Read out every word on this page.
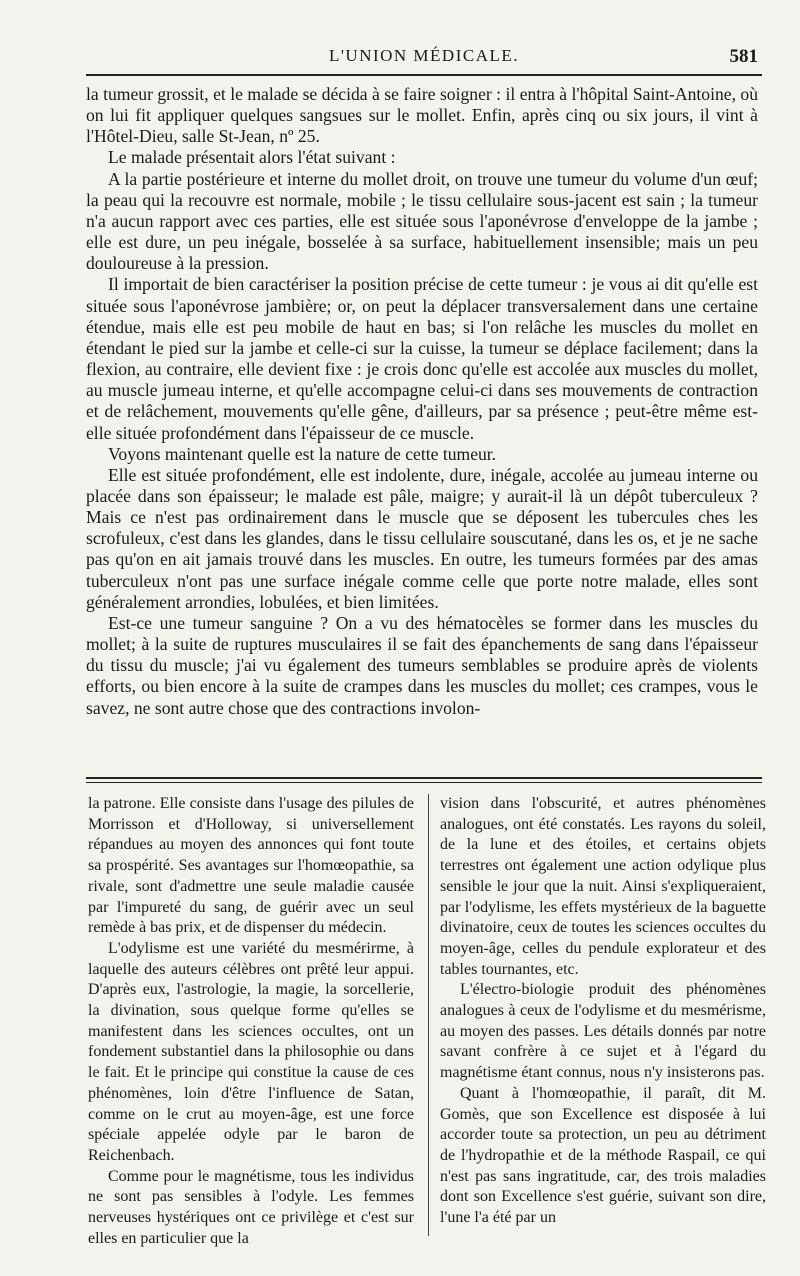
L'UNION MÉDICALE.	581

la tumeur grossit, et le malade se décida à se faire soigner : il entra à l'hôpital Saint-Antoine, où on lui fit appliquer quelques sangsues sur le mollet. Enfin, après cinq ou six jours, il vint à l'Hôtel-Dieu, salle St-Jean, nº 25.

Le malade présentait alors l'état suivant :

A la partie postérieure et interne du mollet droit, on trouve une tumeur du volume d'un œuf; la peau qui la recouvre est normale, mobile ; le tissu cellulaire sous-jacent est sain ; la tumeur n'a aucun rapport avec ces parties, elle est située sous l'aponévrose d'enveloppe de la jambe ; elle est dure, un peu inégale, bosselée à sa surface, habituellement insensible; mais un peu douloureuse à la pression.

Il importait de bien caractériser la position précise de cette tumeur : je vous ai dit qu'elle est située sous l'aponévrose jambière; or, on peut la déplacer transversalement dans une certaine étendue, mais elle est peu mobile de haut en bas; si l'on relâche les muscles du mollet en étendant le pied sur la jambe et celle-ci sur la cuisse, la tumeur se déplace facilement; dans la flexion, au contraire, elle devient fixe : je crois donc qu'elle est accolée aux muscles du mollet, au muscle jumeau interne, et qu'elle accompagne celui-ci dans ses mouvements de contraction et de relâchement, mouvements qu'elle gêne, d'ailleurs, par sa présence ; peut-être même est-elle située profondément dans l'épaisseur de ce muscle.

Voyons maintenant quelle est la nature de cette tumeur.

Elle est située profondément, elle est indolente, dure, inégale, accolée au jumeau interne ou placée dans son épaisseur; le malade est pâle, maigre; y aurait-il là un dépôt tuberculeux ? Mais ce n'est pas ordinairement dans le muscle que se déposent les tubercules ches les scrofuleux, c'est dans les glandes, dans le tissu cellulaire souscutané, dans les os, et je ne sache pas qu'on en ait jamais trouvé dans les muscles. En outre, les tumeurs formées par des amas tuberculeux n'ont pas une surface inégale comme celle que porte notre malade, elles sont généralement arrondies, lobulées, et bien limitées.

Est-ce une tumeur sanguine ? On a vu des hématocèles se former dans les muscles du mollet; à la suite de ruptures musculaires il se fait des épanchements de sang dans l'épaisseur du tissu du muscle; j'ai vu également des tumeurs semblables se produire après de violents efforts, ou bien encore à la suite de crampes dans les muscles du mollet; ces crampes, vous le savez, ne sont autre chose que des contractions involon-

la patrone. Elle consiste dans l'usage des pilules de Morrisson et d'Holloway, si universellement répandues au moyen des annonces qui font toute sa prospérité. Ses avantages sur l'homœopathie, sa rivale, sont d'admettre une seule maladie causée par l'impureté du sang, de guérir avec un seul remède à bas prix, et de dispenser du médecin.

L'odylisme est une variété du mesmérirme, à laquelle des auteurs célèbres ont prêté leur appui. D'après eux, l'astrologie, la magie, la sorcellerie, la divination, sous quelque forme qu'elles se manifestent dans les sciences occultes, ont un fondement substantiel dans la philosophie ou dans le fait. Et le principe qui constitue la cause de ces phénomènes, loin d'être l'influence de Satan, comme on le crut au moyen-âge, est une force spéciale appelée odyle par le baron de Reichenbach.

Comme pour le magnétisme, tous les individus ne sont pas sensibles à l'odyle. Les femmes nerveuses hystériques ont ce privilège et c'est sur elles en particulier que la

vision dans l'obscurité, et autres phénomènes analogues, ont été constatés. Les rayons du soleil, de la lune et des étoiles, et certains objets terrestres ont également une action odylique plus sensible le jour que la nuit. Ainsi s'expliqueraient, par l'odylisme, les effets mystérieux de la baguette divinatoire, ceux de toutes les sciences occultes du moyen-âge, celles du pendule explorateur et des tables tournantes, etc.

L'électro-biologie produit des phénomènes analogues à ceux de l'odylisme et du mesmérisme, au moyen des passes. Les détails donnés par notre savant confrère à ce sujet et à l'égard du magnétisme étant connus, nous n'y insisterons pas.

Quant à l'homœopathie, il paraît, dit M. Gomès, que son Excellence est disposée à lui accorder toute sa protection, un peu au détriment de l'hydropathie et de la méthode Raspail, ce qui n'est pas sans ingratitude, car, des trois maladies dont son Excellence s'est guérie, suivant son dire, l'une l'a été par un
